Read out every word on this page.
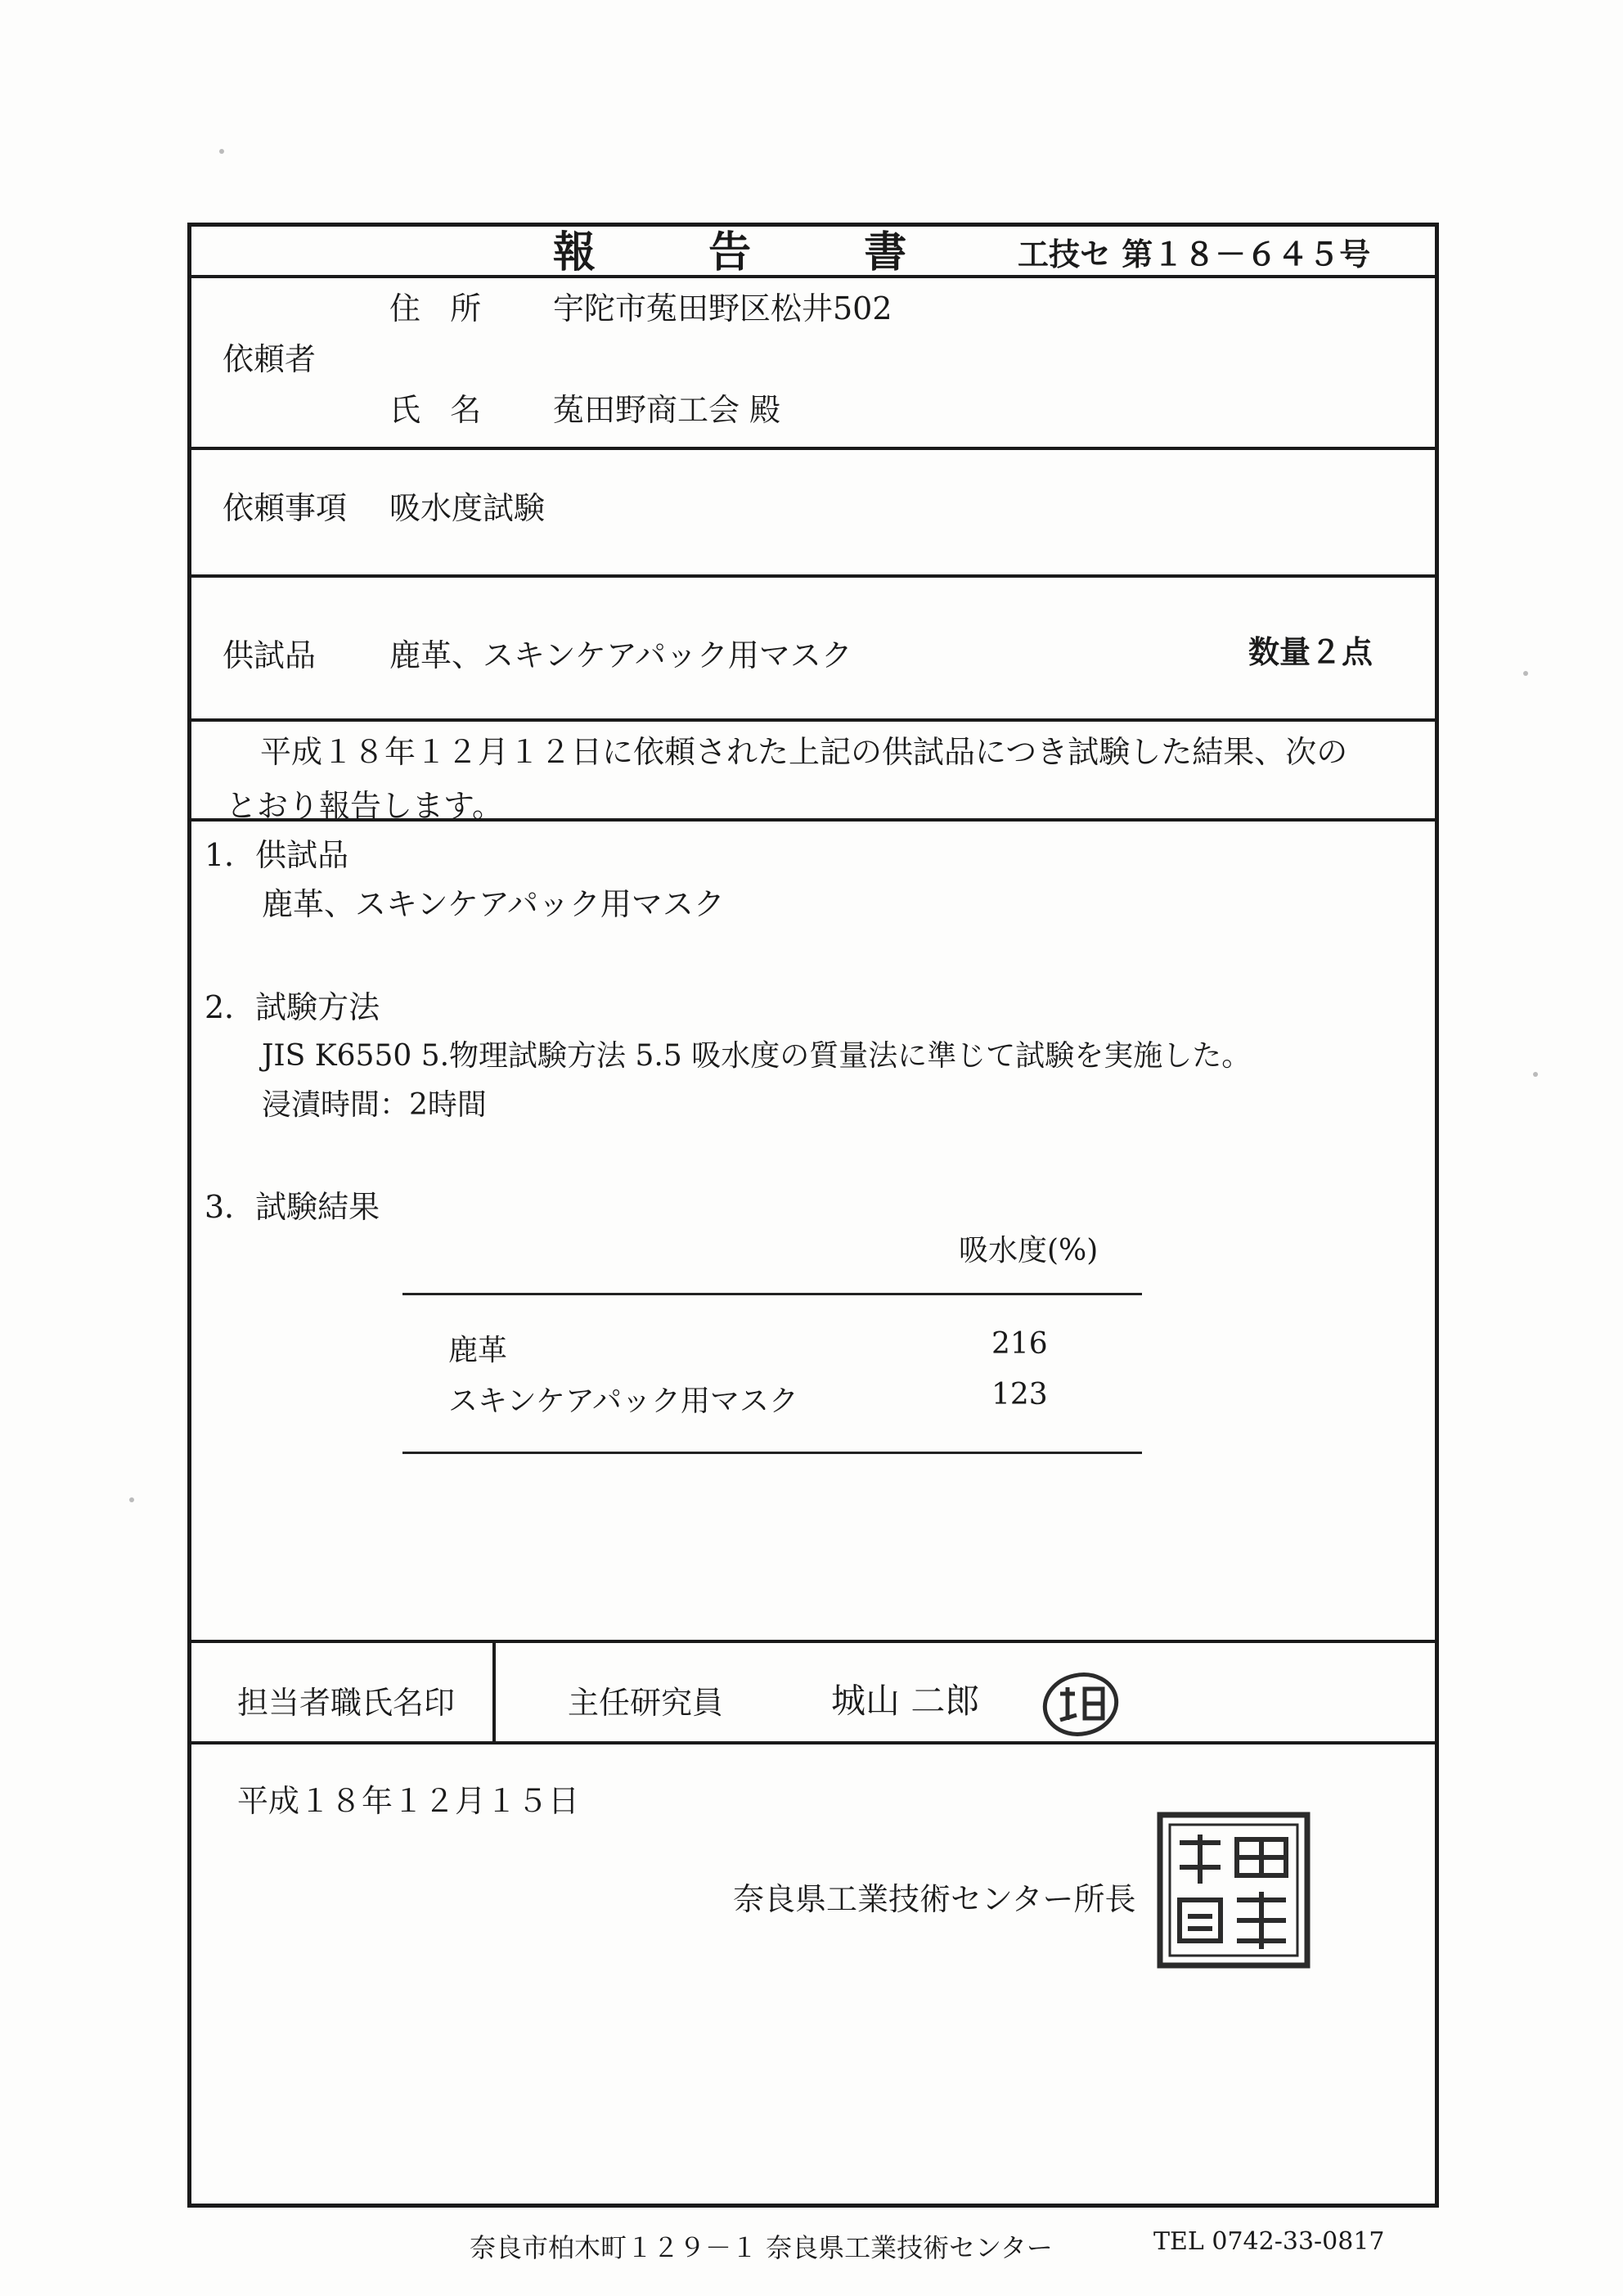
報 告 書 工技セ 第１８－６４５号
住 所 宇陀市菟田野区松井502
依頼者
氏 名 菟田野商工会 殿
依頼事項 吸水度試験
供試品 鹿革、スキンケアパック用マスク	数量２点
平成１８年１２月１２日に依頼された上記の供試品につき試験した結果、次の
とおり報告します。
1．供試品
鹿革、スキンケアパック用マスク
2．試験方法
JIS K6550 5.物理試験方法 5.5 吸水度の質量法に準じて試験を実施した。
浸漬時間：2時間
3．試験結果
吸水度(%)
鹿革	216
スキンケアパック用マスク	123
担当者職氏名印	主任研究員	城山 二郎
平成１８年１２月１５日
奈良県工業技術センター所長
奈良市柏木町１２９－１ 奈良県工業技術センター	TEL 0742-33-0817
